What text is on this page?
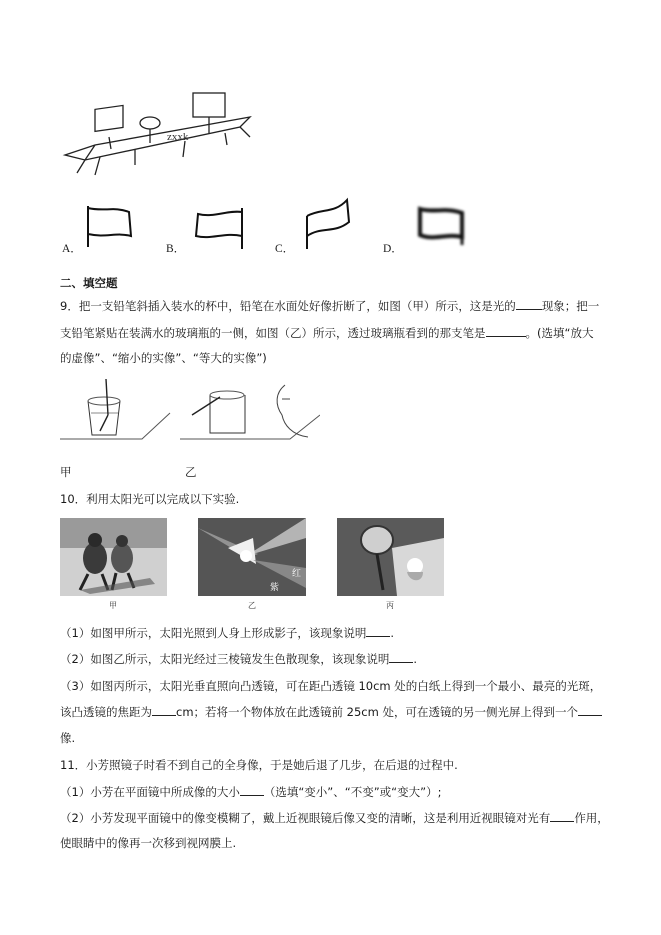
zxxk
A．	B．	C．	D．
二、填空题
9．把一支铅笔斜插入装水的杯中，铅笔在水面处好像折断了，如图（甲）所示，这是光的 现象；把一
支铅笔紧贴在装满水的玻璃瓶的一侧，如图（乙）所示，透过玻璃瓶看到的那支笔是	。(选填“放大
的虚像”、“缩小的实像”、“等大的实像”)
甲	乙
10．利用太阳光可以完成以下实验.
甲
红
紫
乙	丙
（1）如图甲所示，太阳光照到人身上形成影子，该现象说明 .
（2）如图乙所示，太阳光经过三棱镜发生色散现象，该现象说明 .
（3）如图丙所示，太阳光垂直照向凸透镜，可在距凸透镜 10cm 处的白纸上得到一个最小、最亮的光斑，
该凸透镜的焦距为 cm；若将一个物体放在此透镜前 25cm 处，可在透镜的另一侧光屏上得到一个
像.
11．小芳照镜子时看不到自己的全身像，于是她后退了几步，在后退的过程中.
（1）小芳在平面镜中所成像的大小 （选填“变小”、“不变”或“变大”）;
（2）小芳发现平面镜中的像变模糊了，戴上近视眼镜后像又变的清晰，这是利用近视眼镜对光有 作用，
使眼睛中的像再一次移到视网膜上.
